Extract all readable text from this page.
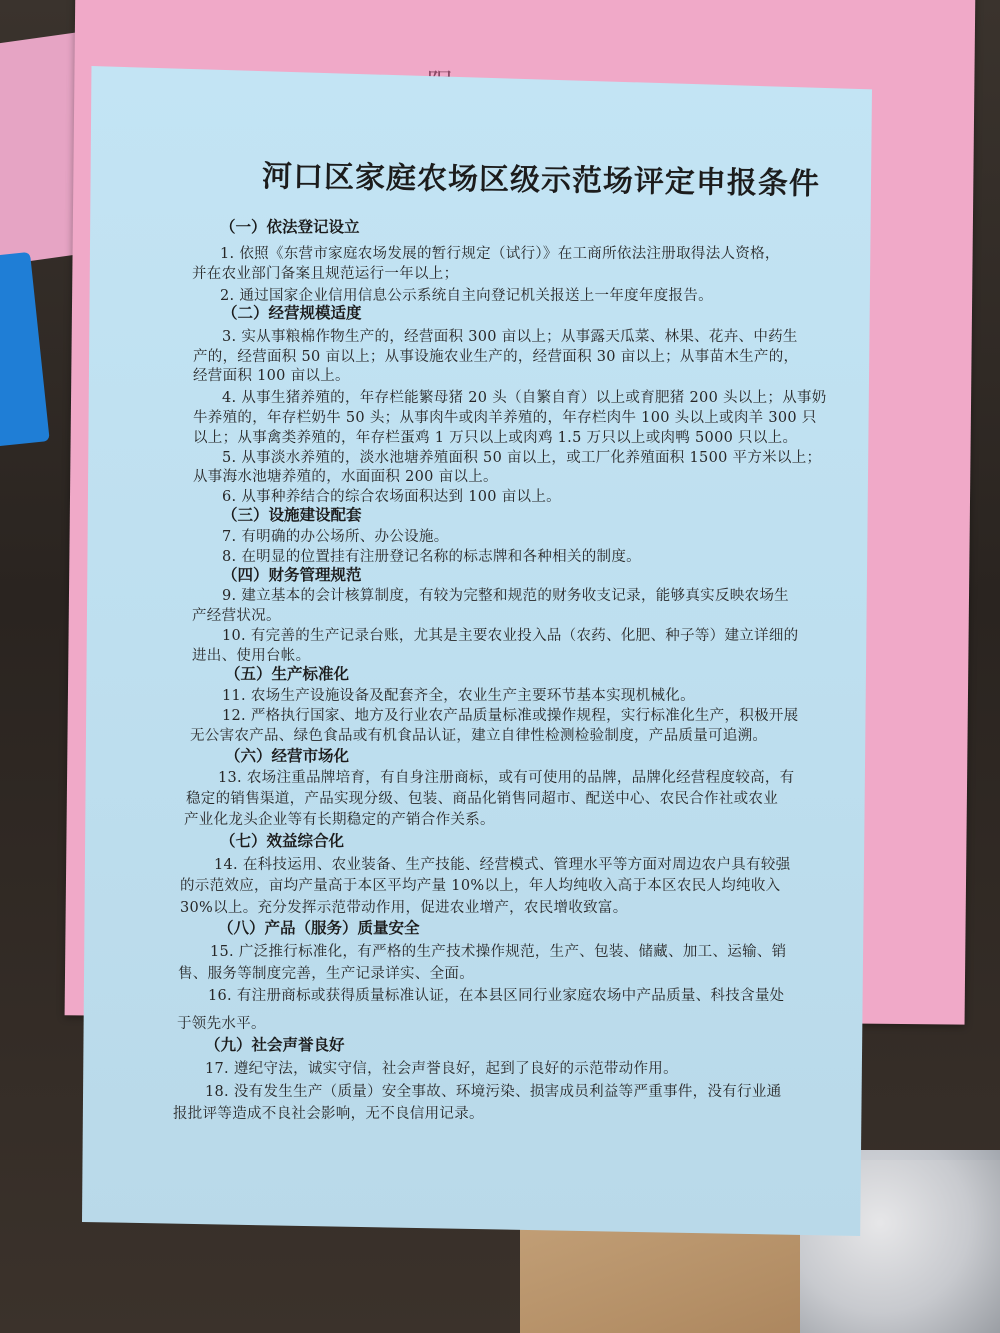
河口区家庭农场区级示范场评定申报条件
（一）依法登记设立
1. 依照《东营市家庭农场发展的暂行规定（试行）》在工商所依法注册取得法人资格，
并在农业部门备案且规范运行一年以上；
2. 通过国家企业信用信息公示系统自主向登记机关报送上一年度年度报告。
（二）经营规模适度
3. 实从事粮棉作物生产的，经营面积 300 亩以上；从事露天瓜菜、林果、花卉、中药生
产的，经营面积 50 亩以上；从事设施农业生产的，经营面积 30 亩以上；从事苗木生产的，
经营面积 100 亩以上。
4. 从事生猪养殖的，年存栏能繁母猪 20 头（自繁自育）以上或育肥猪 200 头以上；从事奶
牛养殖的，年存栏奶牛 50 头；从事肉牛或肉羊养殖的，年存栏肉牛 100 头以上或肉羊 300 只
以上；从事禽类养殖的，年存栏蛋鸡 1 万只以上或肉鸡 1.5 万只以上或肉鸭 5000 只以上。
5. 从事淡水养殖的，淡水池塘养殖面积 50 亩以上，或工厂化养殖面积 1500 平方米以上；
从事海水池塘养殖的，水面面积 200 亩以上。
6. 从事种养结合的综合农场面积达到 100 亩以上。
（三）设施建设配套
7. 有明确的办公场所、办公设施。
8. 在明显的位置挂有注册登记名称的标志牌和各种相关的制度。
（四）财务管理规范
9. 建立基本的会计核算制度，有较为完整和规范的财务收支记录，能够真实反映农场生
产经营状况。
10. 有完善的生产记录台账，尤其是主要农业投入品（农药、化肥、种子等）建立详细的
进出、使用台帐。
（五）生产标准化
11. 农场生产设施设备及配套齐全，农业生产主要环节基本实现机械化。
12. 严格执行国家、地方及行业农产品质量标准或操作规程，实行标准化生产，积极开展
无公害农产品、绿色食品或有机食品认证，建立自律性检测检验制度，产品质量可追溯。
（六）经营市场化
13. 农场注重品牌培育，有自身注册商标，或有可使用的品牌，品牌化经营程度较高，有
稳定的销售渠道，产品实现分级、包装、商品化销售同超市、配送中心、农民合作社或农业
产业化龙头企业等有长期稳定的产销合作关系。
（七）效益综合化
14. 在科技运用、农业装备、生产技能、经营模式、管理水平等方面对周边农户具有较强
的示范效应，亩均产量高于本区平均产量 10%以上，年人均纯收入高于本区农民人均纯收入
30%以上。充分发挥示范带动作用，促进农业增产，农民增收致富。
（八）产品（服务）质量安全
15. 广泛推行标准化，有严格的生产技术操作规范，生产、包装、储藏、加工、运输、销
售、服务等制度完善，生产记录详实、全面。
16. 有注册商标或获得质量标准认证，在本县区同行业家庭农场中产品质量、科技含量处
于领先水平。
（九）社会声誉良好
17. 遵纪守法，诚实守信，社会声誉良好，起到了良好的示范带动作用。
18. 没有发生生产（质量）安全事故、环境污染、损害成员利益等严重事件，没有行业通
报批评等造成不良社会影响，无不良信用记录。
